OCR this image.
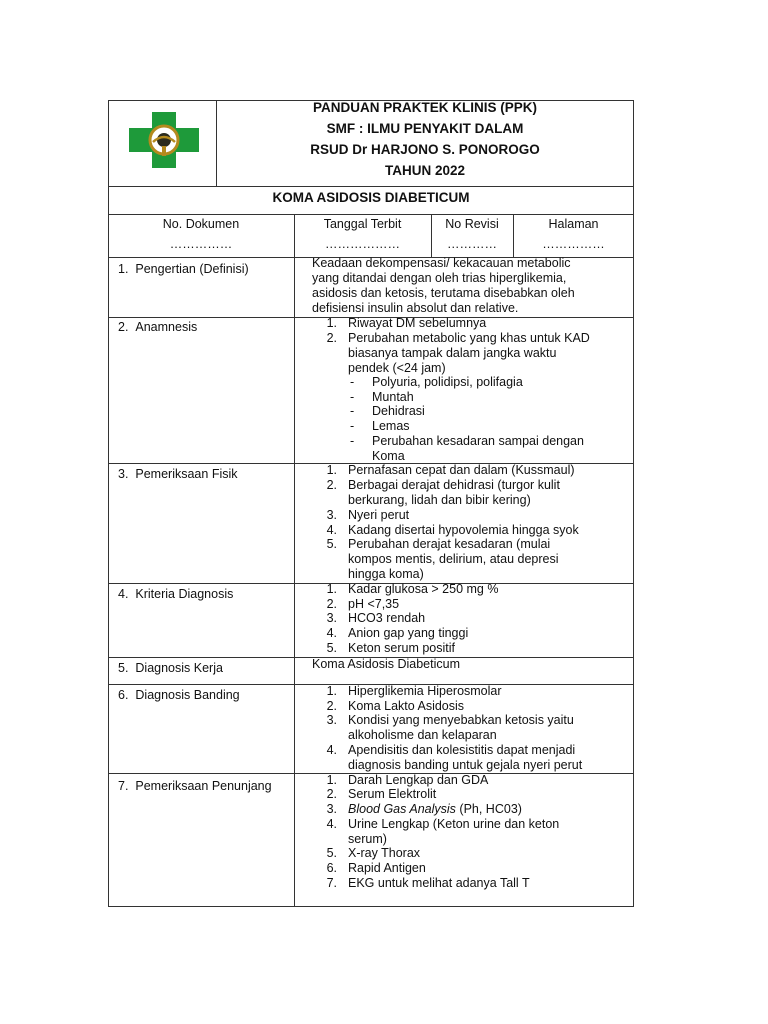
PANDUAN PRAKTEK KLINIS (PPK)
SMF : ILMU PENYAKIT DALAM
RSUD Dr HARJONO S. PONOROGO
TAHUN 2022
KOMA ASIDOSIS DIABETICUM
No. Dokumen
……………
Tanggal Terbit
………………
No Revisi
…………
Halaman
……………
1. Pengertian (Definisi)
2. Anamnesis
3. Pemeriksaan Fisik
4. Kriteria Diagnosis
5. Diagnosis Kerja
6. Diagnosis Banding
7. Pemeriksaan Penunjang
Keadaan dekompensasi/ kekacauan metabolic
yang ditandai dengan oleh trias hiperglikemia,
asidosis dan ketosis, terutama disebabkan oleh
defisiensi insulin absolut dan relative.
1. Riwayat DM sebelumnya
2. Perubahan metabolic yang khas untuk KAD
biasanya tampak dalam jangka waktu
pendek (<24 jam)
- Polyuria, polidipsi, polifagia
- Muntah
- Dehidrasi
- Lemas
- Perubahan kesadaran sampai dengan
Koma
1. Pernafasan cepat dan dalam (Kussmaul)
2. Berbagai derajat dehidrasi (turgor kulit
berkurang, lidah dan bibir kering)
3. Nyeri perut
4. Kadang disertai hypovolemia hingga syok
5. Perubahan derajat kesadaran (mulai
kompos mentis, delirium, atau depresi
hingga koma)
1. Kadar glukosa > 250 mg %
2. pH <7,35
3. HCO3 rendah
4. Anion gap yang tinggi
5. Keton serum positif
Koma Asidosis Diabeticum
1. Hiperglikemia Hiperosmolar
2. Koma Lakto Asidosis
3. Kondisi yang menyebabkan ketosis yaitu
alkoholisme dan kelaparan
4. Apendisitis dan kolesistitis dapat menjadi
diagnosis banding untuk gejala nyeri perut
1. Darah Lengkap dan GDA
2. Serum Elektrolit
3. Blood Gas Analysis (Ph, HC03)
4. Urine Lengkap (Keton urine dan keton
serum)
5. X-ray Thorax
6. Rapid Antigen
7. EKG untuk melihat adanya Tall T
